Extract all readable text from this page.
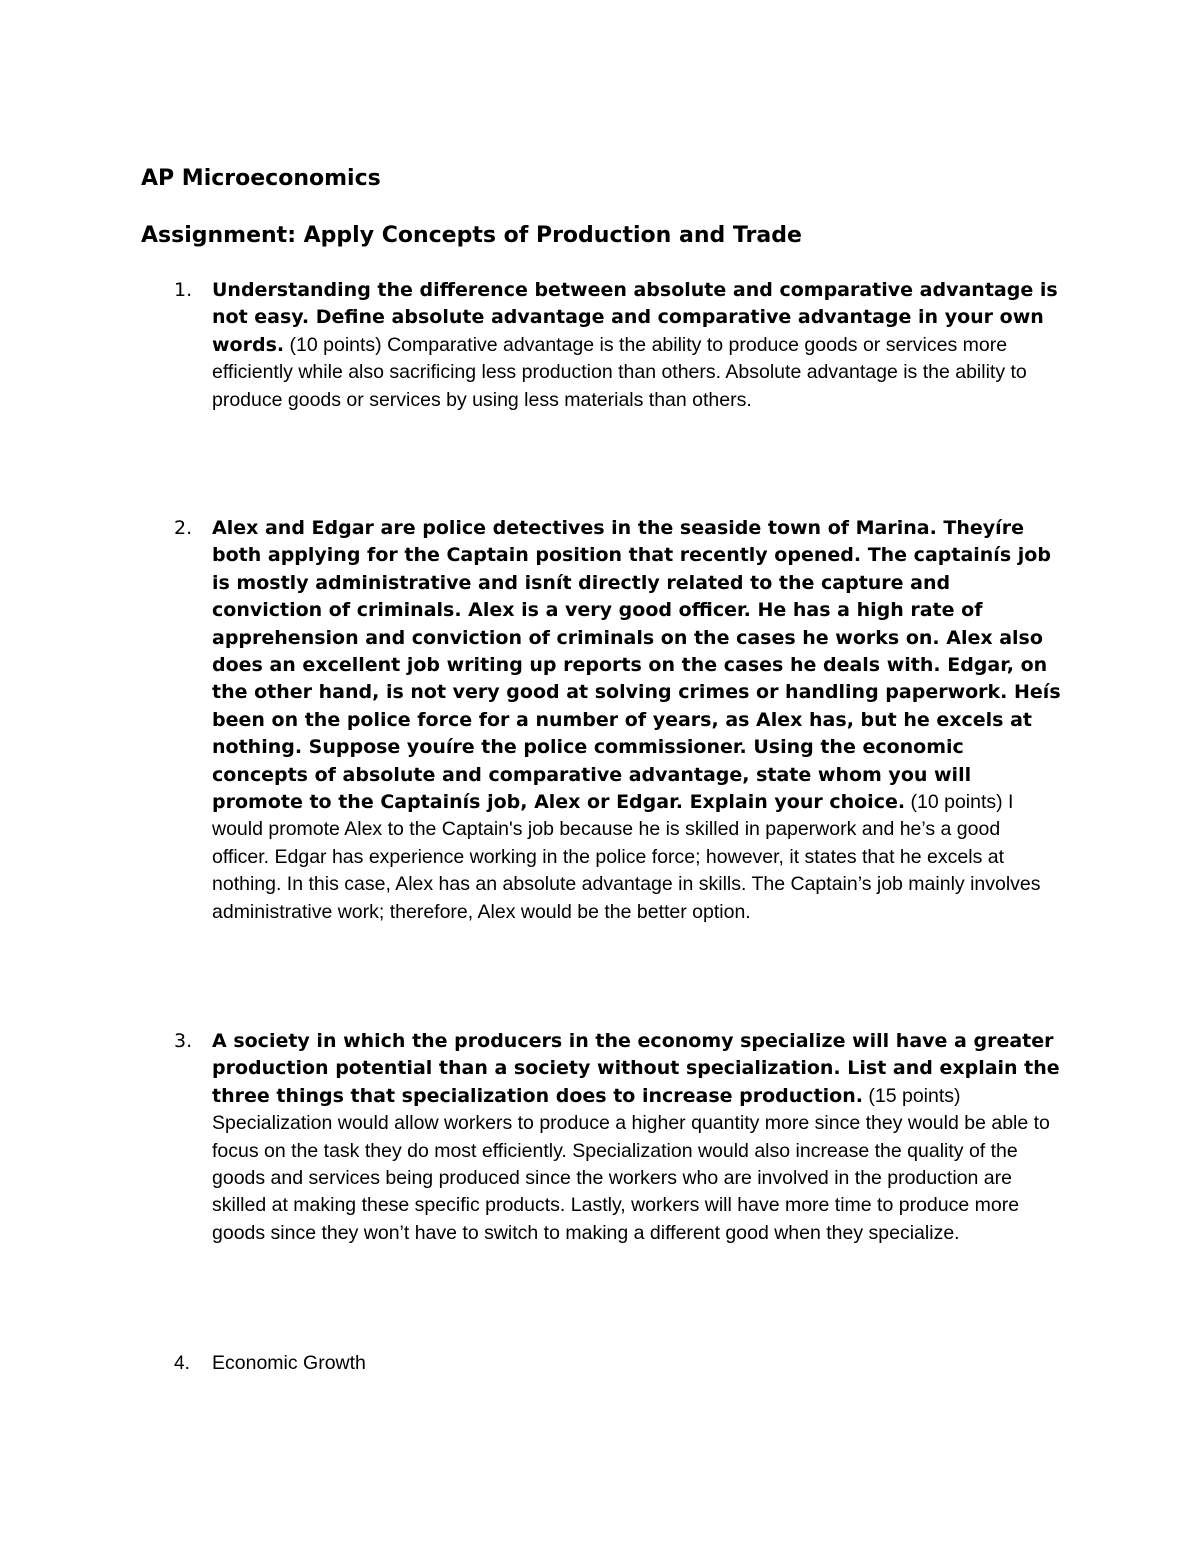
AP Microeconomics
Assignment: Apply Concepts of Production and Trade
1. Understanding the difference between absolute and comparative advantage is not easy. Define absolute advantage and comparative advantage in your own words. (10 points) Comparative advantage is the ability to produce goods or services more efficiently while also sacrificing less production than others. Absolute advantage is the ability to produce goods or services by using less materials than others.
2. Alex and Edgar are police detectives in the seaside town of Marina. Theyíre both applying for the Captain position that recently opened. The captainís job is mostly administrative and isnít directly related to the capture and conviction of criminals. Alex is a very good officer. He has a high rate of apprehension and conviction of criminals on the cases he works on. Alex also does an excellent job writing up reports on the cases he deals with. Edgar, on the other hand, is not very good at solving crimes or handling paperwork. Heís been on the police force for a number of years, as Alex has, but he excels at nothing. Suppose youíre the police commissioner. Using the economic concepts of absolute and comparative advantage, state whom you will promote to the Captainís job, Alex or Edgar. Explain your choice. (10 points) I would promote Alex to the Captain's job because he is skilled in paperwork and he’s a good officer. Edgar has experience working in the police force; however, it states that he excels at nothing. In this case, Alex has an absolute advantage in skills. The Captain’s job mainly involves administrative work; therefore, Alex would be the better option.
3. A society in which the producers in the economy specialize will have a greater production potential than a society without specialization. List and explain the three things that specialization does to increase production. (15 points) Specialization would allow workers to produce a higher quantity more since they would be able to focus on the task they do most efficiently. Specialization would also increase the quality of the goods and services being produced since the workers who are involved in the production are skilled at making these specific products. Lastly, workers will have more time to produce more goods since they won’t have to switch to making a different good when they specialize.
4. Economic Growth
